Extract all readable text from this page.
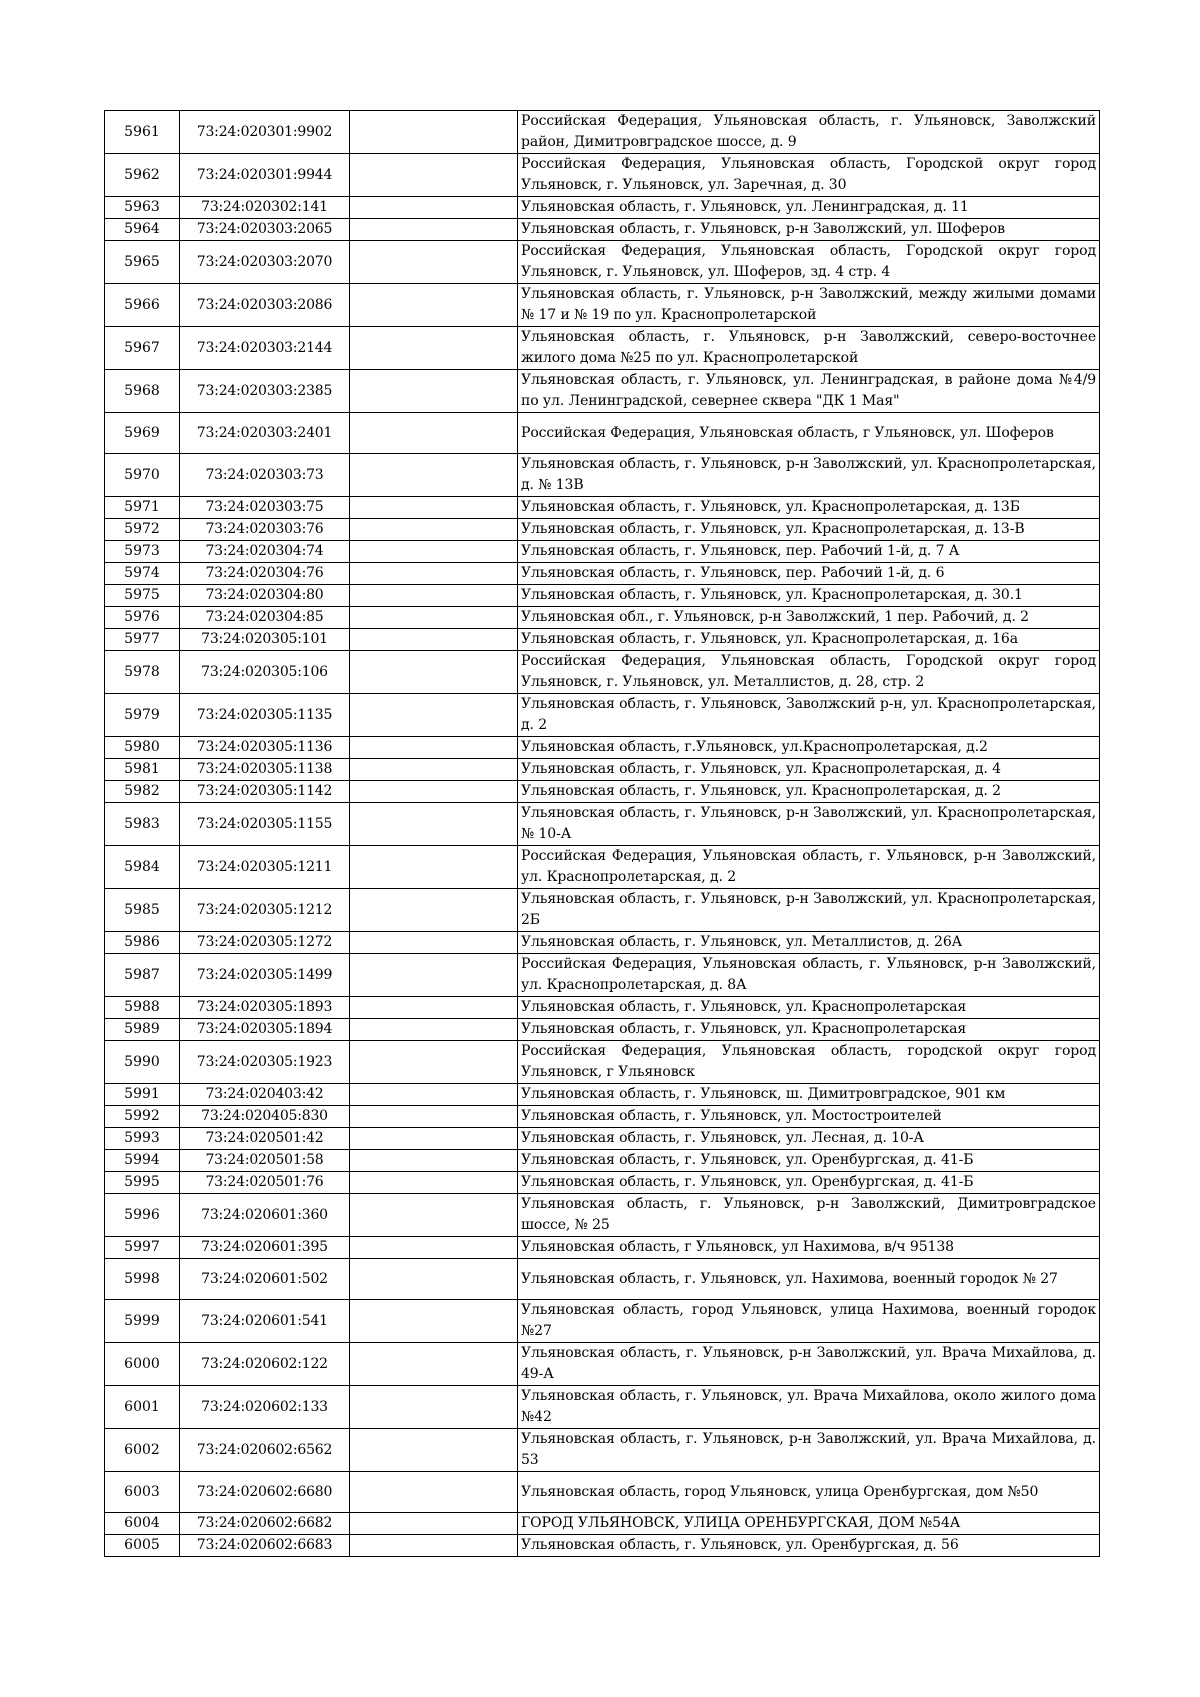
5961	73:24:020301:9902		Российская Федерация, Ульяновская область, г. Ульяновск, Заволжский район, Димитровградское шоссе, д. 9
5962	73:24:020301:9944		Российская Федерация, Ульяновская область, Городской округ город Ульяновск, г. Ульяновск, ул. Заречная, д. 30
5963	73:24:020302:141		Ульяновская область, г. Ульяновск, ул. Ленинградская, д. 11
5964	73:24:020303:2065		Ульяновская область, г. Ульяновск, р-н Заволжский, ул. Шоферов
5965	73:24:020303:2070		Российская Федерация, Ульяновская область, Городской округ город Ульяновск, г. Ульяновск, ул. Шоферов, зд. 4 стр. 4
5966	73:24:020303:2086		Ульяновская область, г. Ульяновск, р-н Заволжский, между жилыми домами № 17 и № 19 по ул. Краснопролетарской
5967	73:24:020303:2144		Ульяновская область, г. Ульяновск, р-н Заволжский, северо-восточнее жилого дома №25 по ул. Краснопролетарской
5968	73:24:020303:2385		Ульяновская область, г. Ульяновск, ул. Ленинградская, в районе дома №4/9 по ул. Ленинградской, севернее сквера "ДК 1 Мая"
5969	73:24:020303:2401		Российская Федерация, Ульяновская область, г Ульяновск, ул. Шоферов
5970	73:24:020303:73		Ульяновская область, г. Ульяновск, р-н Заволжский, ул. Краснопролетарская, д. № 13В
5971	73:24:020303:75		Ульяновская область, г. Ульяновск, ул. Краснопролетарская, д. 13Б
5972	73:24:020303:76		Ульяновская область, г. Ульяновск, ул. Краснопролетарская, д. 13-В
5973	73:24:020304:74		Ульяновская область, г. Ульяновск, пер. Рабочий 1-й, д. 7 А
5974	73:24:020304:76		Ульяновская область, г. Ульяновск, пер. Рабочий 1-й, д. 6
5975	73:24:020304:80		Ульяновская область, г. Ульяновск, ул. Краснопролетарская, д. 30.1
5976	73:24:020304:85		Ульяновская обл., г. Ульяновск, р-н Заволжский, 1 пер. Рабочий, д. 2
5977	73:24:020305:101		Ульяновская область, г. Ульяновск, ул. Краснопролетарская, д. 16а
5978	73:24:020305:106		Российская Федерация, Ульяновская область, Городской округ город Ульяновск, г. Ульяновск, ул. Металлистов, д. 28, стр. 2
5979	73:24:020305:1135		Ульяновская область, г. Ульяновск, Заволжский р-н, ул. Краснопролетарская, д. 2
5980	73:24:020305:1136		Ульяновская область, г.Ульяновск, ул.Краснопролетарская, д.2
5981	73:24:020305:1138		Ульяновская область, г. Ульяновск, ул. Краснопролетарская, д. 4
5982	73:24:020305:1142		Ульяновская область, г. Ульяновск, ул. Краснопролетарская, д. 2
5983	73:24:020305:1155		Ульяновская область, г. Ульяновск, р-н Заволжский, ул. Краснопролетарская, № 10-А
5984	73:24:020305:1211		Российская Федерация, Ульяновская область, г. Ульяновск, р-н Заволжский, ул. Краснопролетарская, д. 2
5985	73:24:020305:1212		Ульяновская область, г. Ульяновск, р-н Заволжский, ул. Краснопролетарская, 2Б
5986	73:24:020305:1272		Ульяновская область, г. Ульяновск, ул. Металлистов, д. 26А
5987	73:24:020305:1499		Российская Федерация, Ульяновская область, г. Ульяновск, р-н Заволжский, ул. Краснопролетарская, д. 8А
5988	73:24:020305:1893		Ульяновская область, г. Ульяновск, ул. Краснопролетарская
5989	73:24:020305:1894		Ульяновская область, г. Ульяновск, ул. Краснопролетарская
5990	73:24:020305:1923		Российская Федерация, Ульяновская область, городской округ город Ульяновск, г Ульяновск
5991	73:24:020403:42		Ульяновская область, г. Ульяновск, ш. Димитровградское, 901 км
5992	73:24:020405:830		Ульяновская область, г. Ульяновск, ул. Мостостроителей
5993	73:24:020501:42		Ульяновская область, г. Ульяновск, ул. Лесная, д. 10-А
5994	73:24:020501:58		Ульяновская область, г. Ульяновск, ул. Оренбургская, д. 41-Б
5995	73:24:020501:76		Ульяновская область, г. Ульяновск, ул. Оренбургская, д. 41-Б
5996	73:24:020601:360		Ульяновская область, г. Ульяновск, р-н Заволжский, Димитровградское шоссе, № 25
5997	73:24:020601:395		Ульяновская область, г Ульяновск, ул Нахимова, в/ч 95138
5998	73:24:020601:502		Ульяновская область, г. Ульяновск, ул. Нахимова, военный городок № 27
5999	73:24:020601:541		Ульяновская область, город Ульяновск, улица Нахимова, военный городок №27
6000	73:24:020602:122		Ульяновская область, г. Ульяновск, р-н Заволжский, ул. Врача Михайлова, д. 49-А
6001	73:24:020602:133		Ульяновская область, г. Ульяновск, ул. Врача Михайлова, около жилого дома №42
6002	73:24:020602:6562		Ульяновская область, г. Ульяновск, р-н Заволжский, ул. Врача Михайлова, д. 53
6003	73:24:020602:6680		Ульяновская область, город Ульяновск, улица Оренбургская, дом №50
6004	73:24:020602:6682		ГОРОД УЛЬЯНОВСК, УЛИЦА ОРЕНБУРГСКАЯ, ДОМ №54А
6005	73:24:020602:6683		Ульяновская область, г. Ульяновск, ул. Оренбургская, д. 56
